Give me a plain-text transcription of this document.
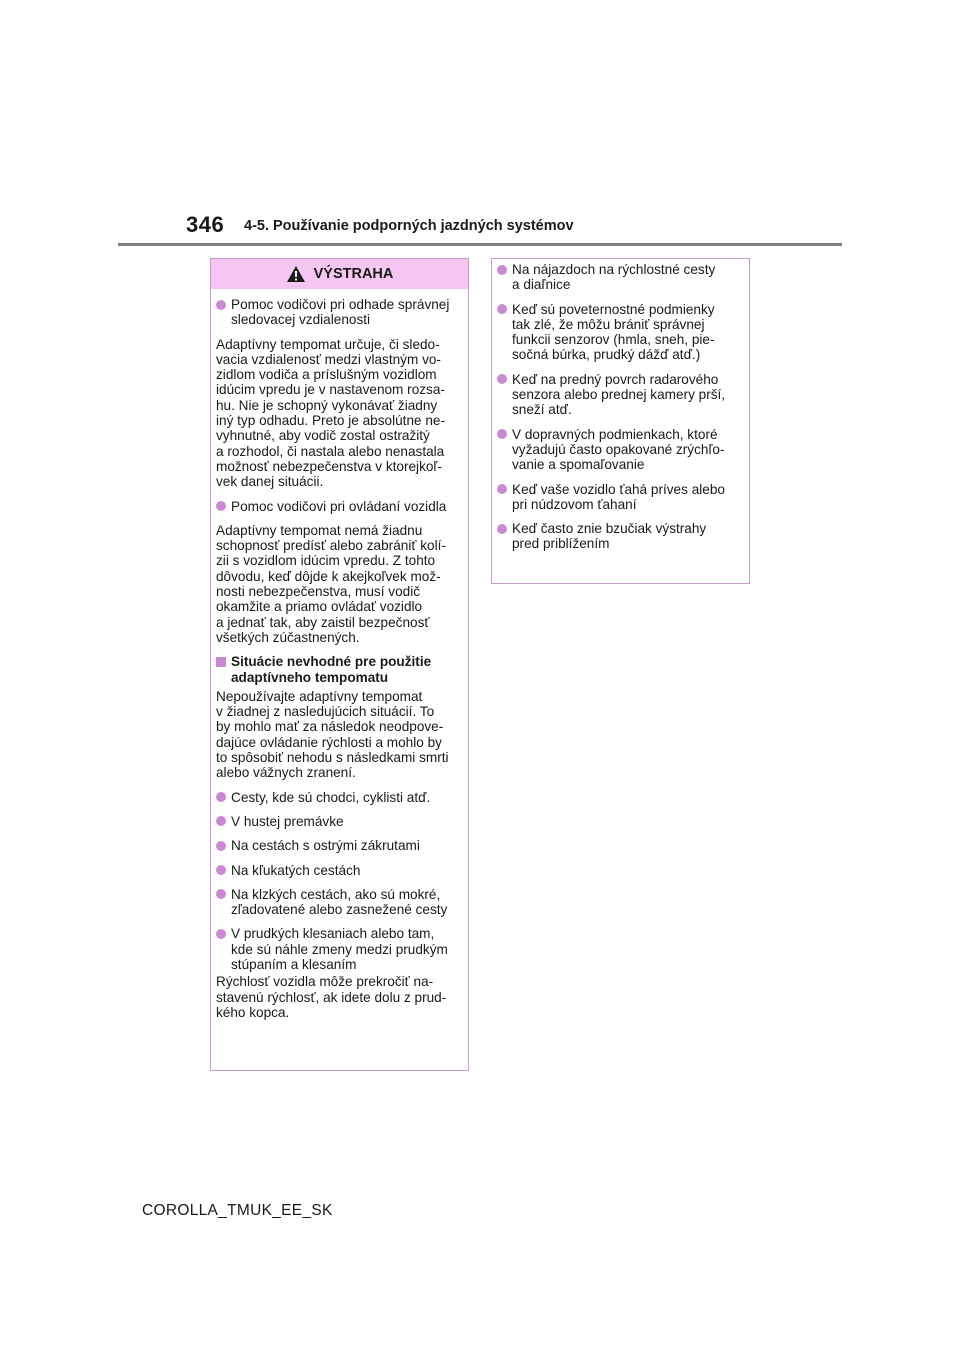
346 4-5. Používanie podporných jazdných systémov
VÝSTRAHA
Pomoc vodičovi pri odhade správnej
sledovacej vzdialenosti
Adaptívny tempomat určuje, či sledo-
vacia vzdialenosť medzi vlastným vo-
zidlom vodiča a príslušným vozidlom
idúcim vpredu je v nastavenom rozsa-
hu. Nie je schopný vykonávať žiadny
iný typ odhadu. Preto je absolútne ne-
vyhnutné, aby vodič zostal ostražitý
a rozhodol, či nastala alebo nenastala
možnosť nebezpečenstva v ktorejkoľ-
vek danej situácii.
Pomoc vodičovi pri ovládaní vozidla
Adaptívny tempomat nemá žiadnu
schopnosť predísť alebo zabrániť kolí-
zii s vozidlom idúcim vpredu. Z tohto
dôvodu, keď dôjde k akejkoľvek mož-
nosti nebezpečenstva, musí vodič
okamžite a priamo ovládať vozidlo
a jednať tak, aby zaistil bezpečnosť
všetkých zúčastnených.
Situácie nevhodné pre použitie
adaptívneho tempomatu
Nepoužívajte adaptívny tempomat
v žiadnej z nasledujúcich situácií. To
by mohlo mať za následok neodpove-
dajúce ovládanie rýchlosti a mohlo by
to spôsobiť nehodu s následkami smrti
alebo vážnych zranení.
Cesty, kde sú chodci, cyklisti atď.
V hustej premávke
Na cestách s ostrými zákrutami
Na kľukatých cestách
Na klzkých cestách, ako sú mokré,
zľadovatené alebo zasnežené cesty
V prudkých klesaniach alebo tam,
kde sú náhle zmeny medzi prudkým
stúpaním a klesaním
Rýchlosť vozidla môže prekročiť na-
stavenú rýchlosť, ak idete dolu z prud-
kého kopca.
Na nájazdoch na rýchlostné cesty
a diaľnice
Keď sú poveternostné podmienky
tak zlé, že môžu brániť správnej
funkcii senzorov (hmla, sneh, pie-
sočná búrka, prudký dážď atď.)
Keď na predný povrch radarového
senzora alebo prednej kamery prší,
sneží atď.
V dopravných podmienkach, ktoré
vyžadujú často opakované zrýchľo-
vanie a spomaľovanie
Keď vaše vozidlo ťahá príves alebo
pri núdzovom ťahaní
Keď často znie bzučiak výstrahy
pred priblížením
COROLLA_TMUK_EE_SK
